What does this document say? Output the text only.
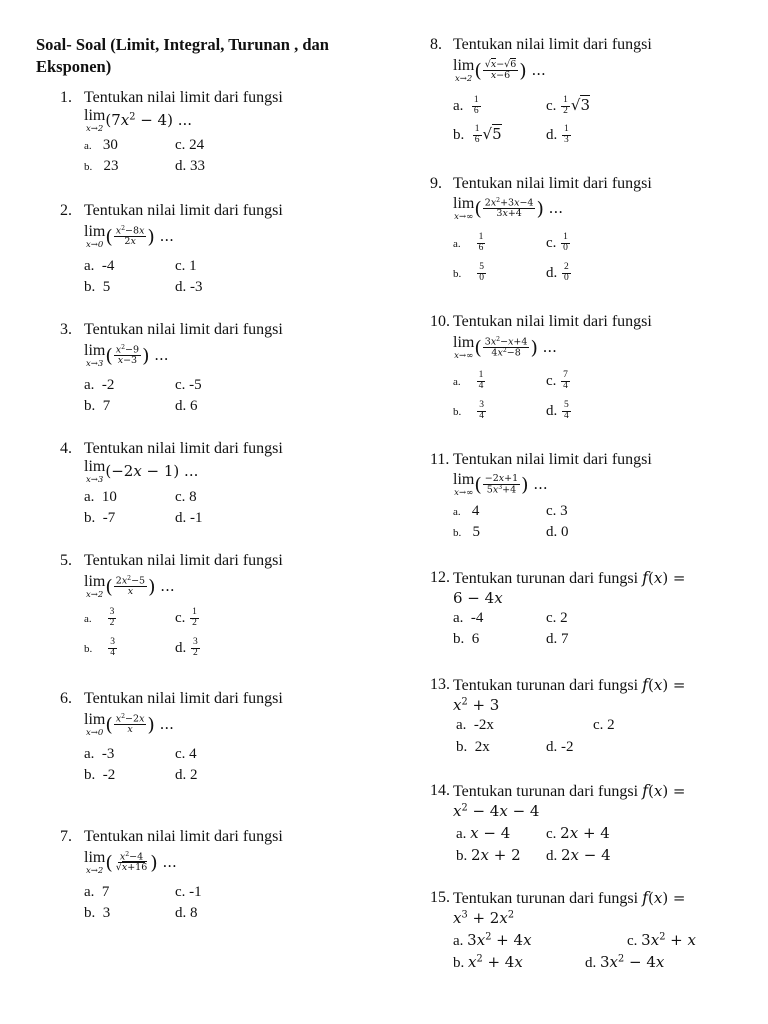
Soal- Soal (Limit, Integral, Turunan , dan Eksponen)
1. Tentukan nilai limit dari fungsi
lim
x→2
$(7x^2 - 4)$ ...
a. 30	c. 24
b. 23	d. 33
2. Tentukan nilai limit dari fungsi
lim
x→0 ( $\frac{x^2-8x}{2x}$ ) ...
a. -4	c. 1
b. 5	d. -3
3. Tentukan nilai limit dari fungsi
lim
x→3 ( $\frac{x^2-9}{x-3}$ ) ...
a. -2	c. -5
b. 7	d. 6
4. Tentukan nilai limit dari fungsi
lim
x→3
(−2x − 1) ...
a. 10	c. 8
b. -7	d. -1
5. Tentukan nilai limit dari fungsi
lim
x→2 ( $\frac{2x^2-5}{x}$ ) ...
a. $\frac{3}{2}$	c. $\frac{1}{2}$
b. $\frac{3}{4}$	d. $\frac{3}{2}$
6. Tentukan nilai limit dari fungsi
lim
x→0 ( $\frac{x^2-2x}{x}$ ) ...
a. -3	c. 4
b. -2	d. 2
7. Tentukan nilai limit dari fungsi
lim
x→2 ( $\frac{x^2-4}{√x+16}$ ) ...
a. 7	c. -1
b. 3	d. 8
8. Tentukan nilai limit dari fungsi
lim
x→2 ( $\frac{√x-√6}{x-6}$ ) ...
a. $\frac{1}{6}$	c. $\frac{1}{2} √3$
b. $\frac{1}{6} √5$	d. $\frac{1}{3}$
9. Tentukan nilai limit dari fungsi
lim
x→∞ ( $\frac{2x^2+3x-4}{3x+4}$ ) ...
a. $\frac{1}{6}$	c. $\frac{1}{0}$
b. $\frac{5}{0}$	d. $\frac{2}{0}$
10. Tentukan nilai limit dari fungsi
lim
x→∞ ( $\frac{3x^2-x+4}{4x^2-8}$ ) ...
a. $\frac{1}{4}$	c. $\frac{7}{4}$
b. $\frac{3}{4}$	d. $\frac{5}{4}$
11. Tentukan nilai limit dari fungsi
lim
x→∞ ( $\frac{-2x+1}{5x^3+4}$ ) ...
a. 4	c. 3
b. 5	d. 0
12. Tentukan turunan dari fungsi f(x) =
6 − 4x
a. -4	c. 2
b. 6	d. 7
13. Tentukan turunan dari fungsi f(x) =
$x^2 + 3$
a. -2x	c. 2
b. 2x	d. -2
14. Tentukan turunan dari fungsi f(x) =
$x^2 - 4x - 4$
a. x − 4 c. 2x + 4
b. 2x + 2 d. 2x − 4
15. Tentukan turunan dari fungsi f(x) =
$x^3 + 2x^2$
a. $3x^2 + 4x$	c. $3x^2 + x$
b. $x^2 + 4x$	d. $3x^2 - 4x$
